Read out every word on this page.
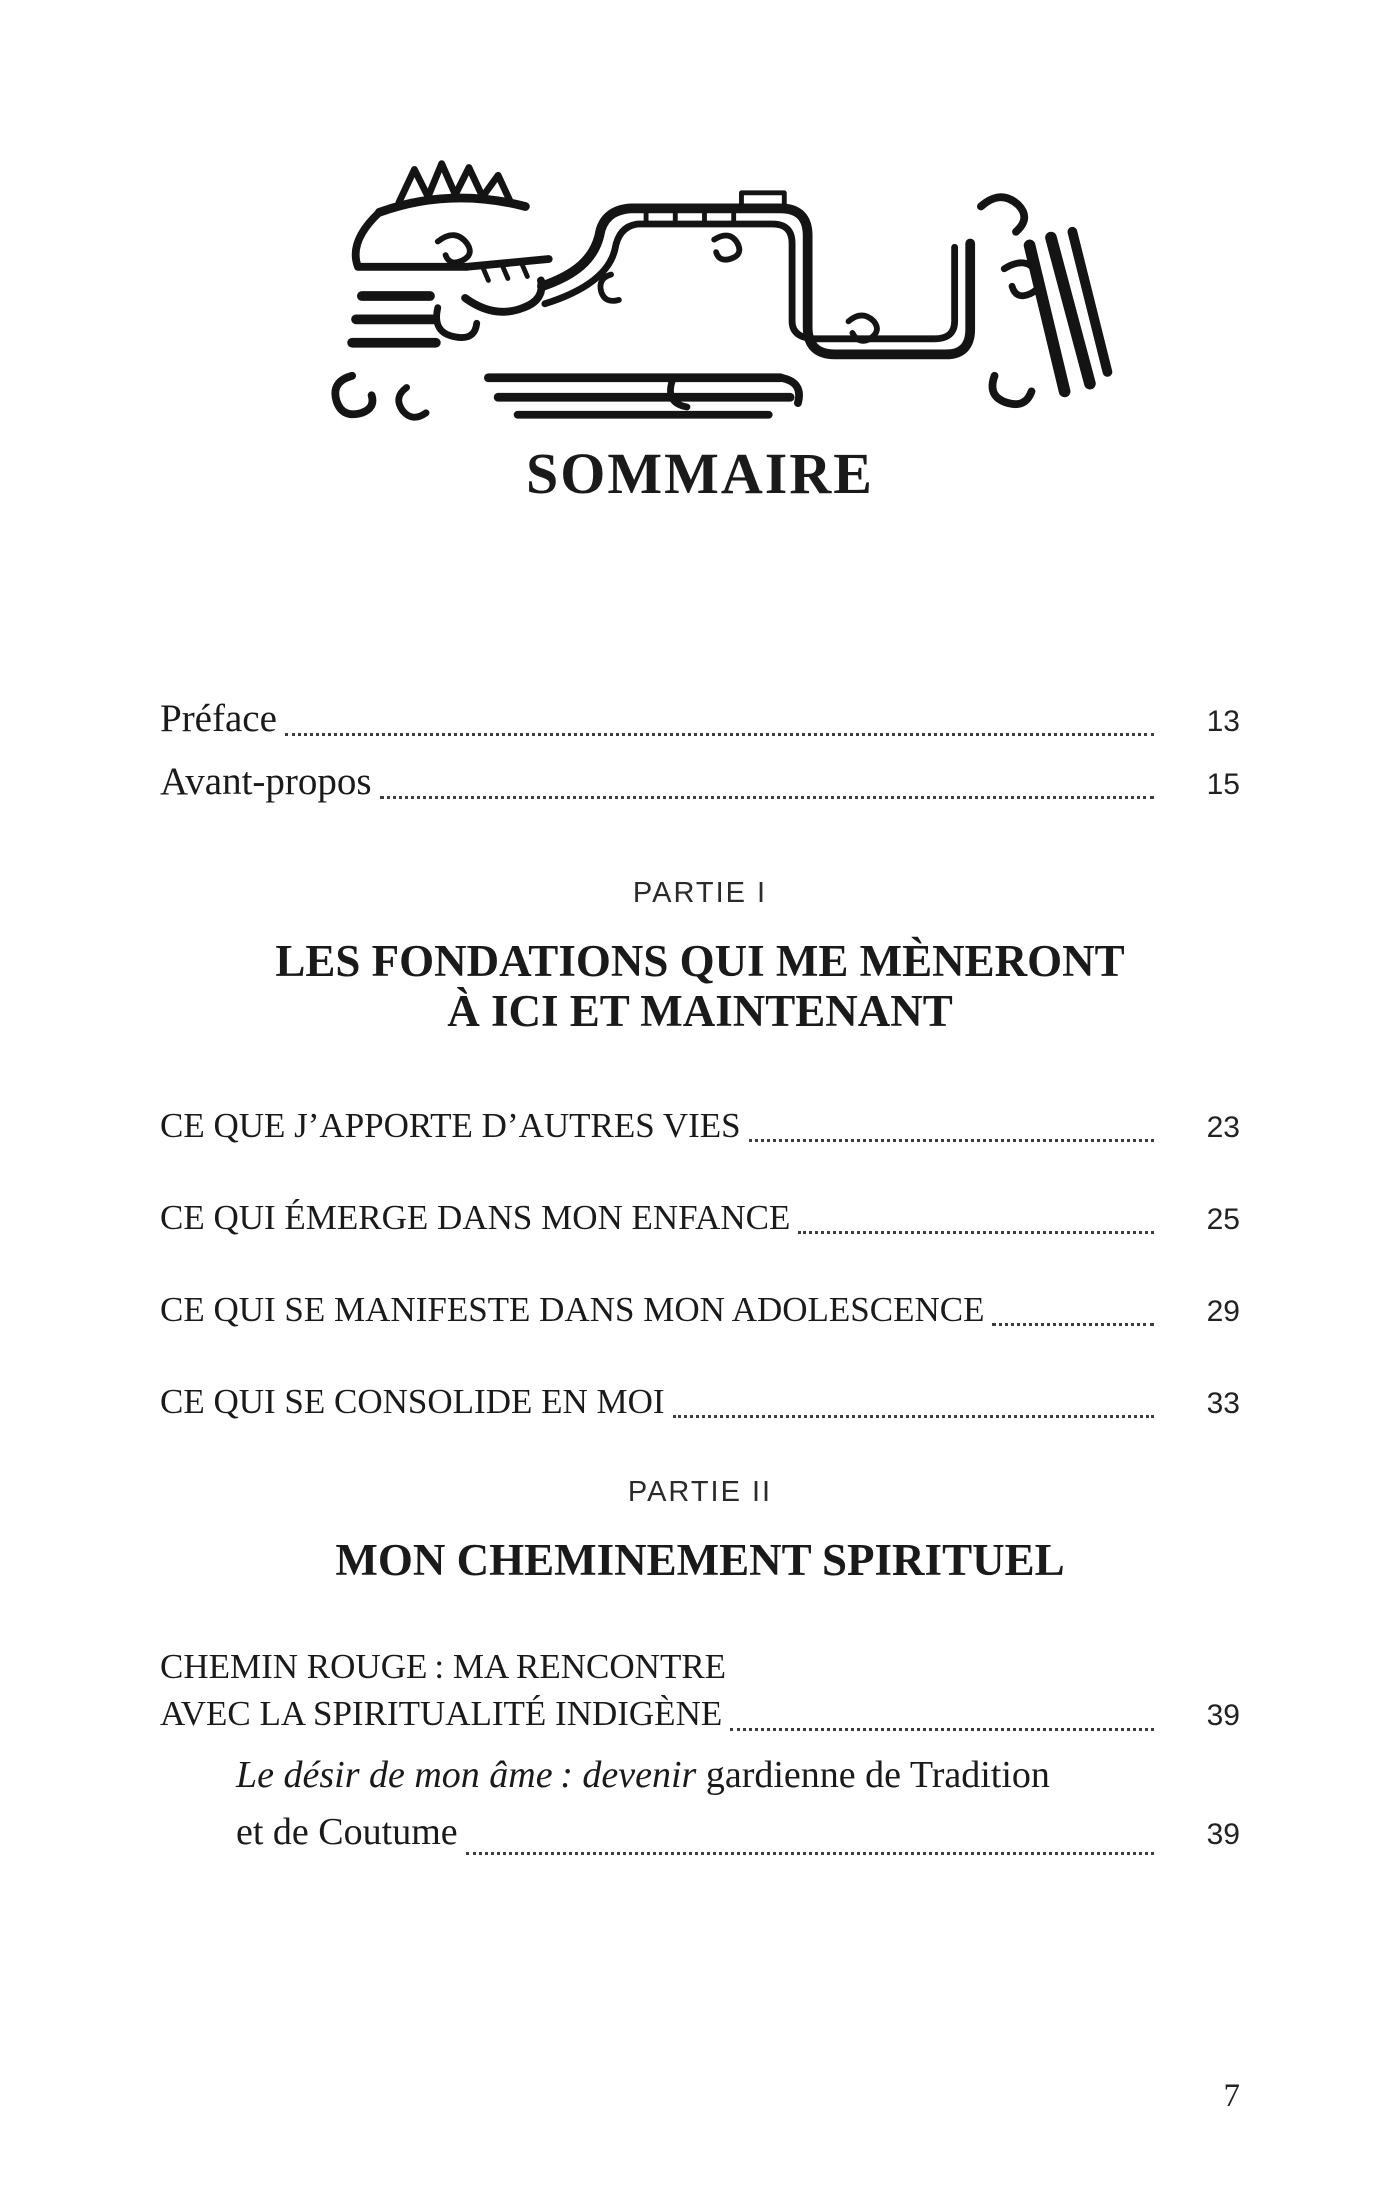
SOMMAIRE
Préface	13
Avant-propos	15
PARTIE I
LES FONDATIONS QUI ME MÈNERONT
À ICI ET MAINTENANT
CE QUE J’APPORTE D’AUTRES VIES	23
CE QUI ÉMERGE DANS MON ENFANCE	25
CE QUI SE MANIFESTE DANS MON ADOLESCENCE	29
CE QUI SE CONSOLIDE EN MOI	33
PARTIE II
MON CHEMINEMENT SPIRITUEL
CHEMIN ROUGE : MA RENCONTRE
AVEC LA SPIRITUALITÉ INDIGÈNE	39
Le désir de mon âme : devenir gardienne de Tradition
et de Coutume	39
7
